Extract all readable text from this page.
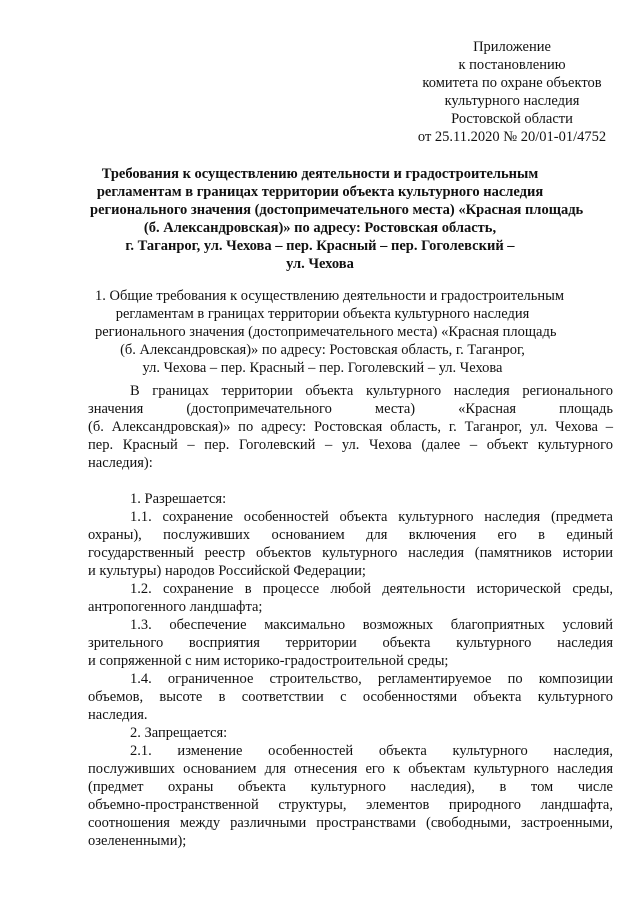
Приложение
к постановлению
комитета по охране объектов
культурного наследия
Ростовской области
от 25.11.2020 № 20/01-01/4752
Требования к осуществлению деятельности и градостроительным
регламентам в границах территории объекта культурного наследия
регионального значения (достопримечательного места) «Красная площадь
(б. Александровская)» по адресу: Ростовская область,
г. Таганрог, ул. Чехова – пер. Красный – пер. Гоголевский –
ул. Чехова
1. Общие требования к осуществлению деятельности и градостроительным
регламентам в границах территории объекта культурного наследия
регионального значения (достопримечательного места) «Красная площадь
(б. Александровская)» по адресу: Ростовская область, г. Таганрог,
ул. Чехова – пер. Красный – пер. Гоголевский – ул. Чехова
В границах территории объекта культурного наследия регионального
значения (достопримечательного места) «Красная площадь
(б. Александровская)» по адресу: Ростовская область, г. Таганрог, ул. Чехова –
пер. Красный – пер. Гоголевский – ул. Чехова (далее – объект культурного
наследия):
1. Разрешается:
1.1. сохранение особенностей объекта культурного наследия (предмета
охраны), послуживших основанием для включения его в единый
государственный реестр объектов культурного наследия (памятников истории
и культуры) народов Российской Федерации;
1.2. сохранение в процессе любой деятельности исторической среды,
антропогенного ландшафта;
1.3. обеспечение максимально возможных благоприятных условий
зрительного восприятия территории объекта культурного наследия
и сопряженной с ним историко-градостроительной среды;
1.4. ограниченное строительство, регламентируемое по композиции
объемов, высоте в соответствии с особенностями объекта культурного
наследия.
2. Запрещается:
2.1. изменение особенностей объекта культурного наследия,
послуживших основанием для отнесения его к объектам культурного наследия
(предмет охраны объекта культурного наследия), в том числе
объемно-пространственной структуры, элементов природного ландшафта,
соотношения между различными пространствами (свободными, застроенными,
озелененными);
